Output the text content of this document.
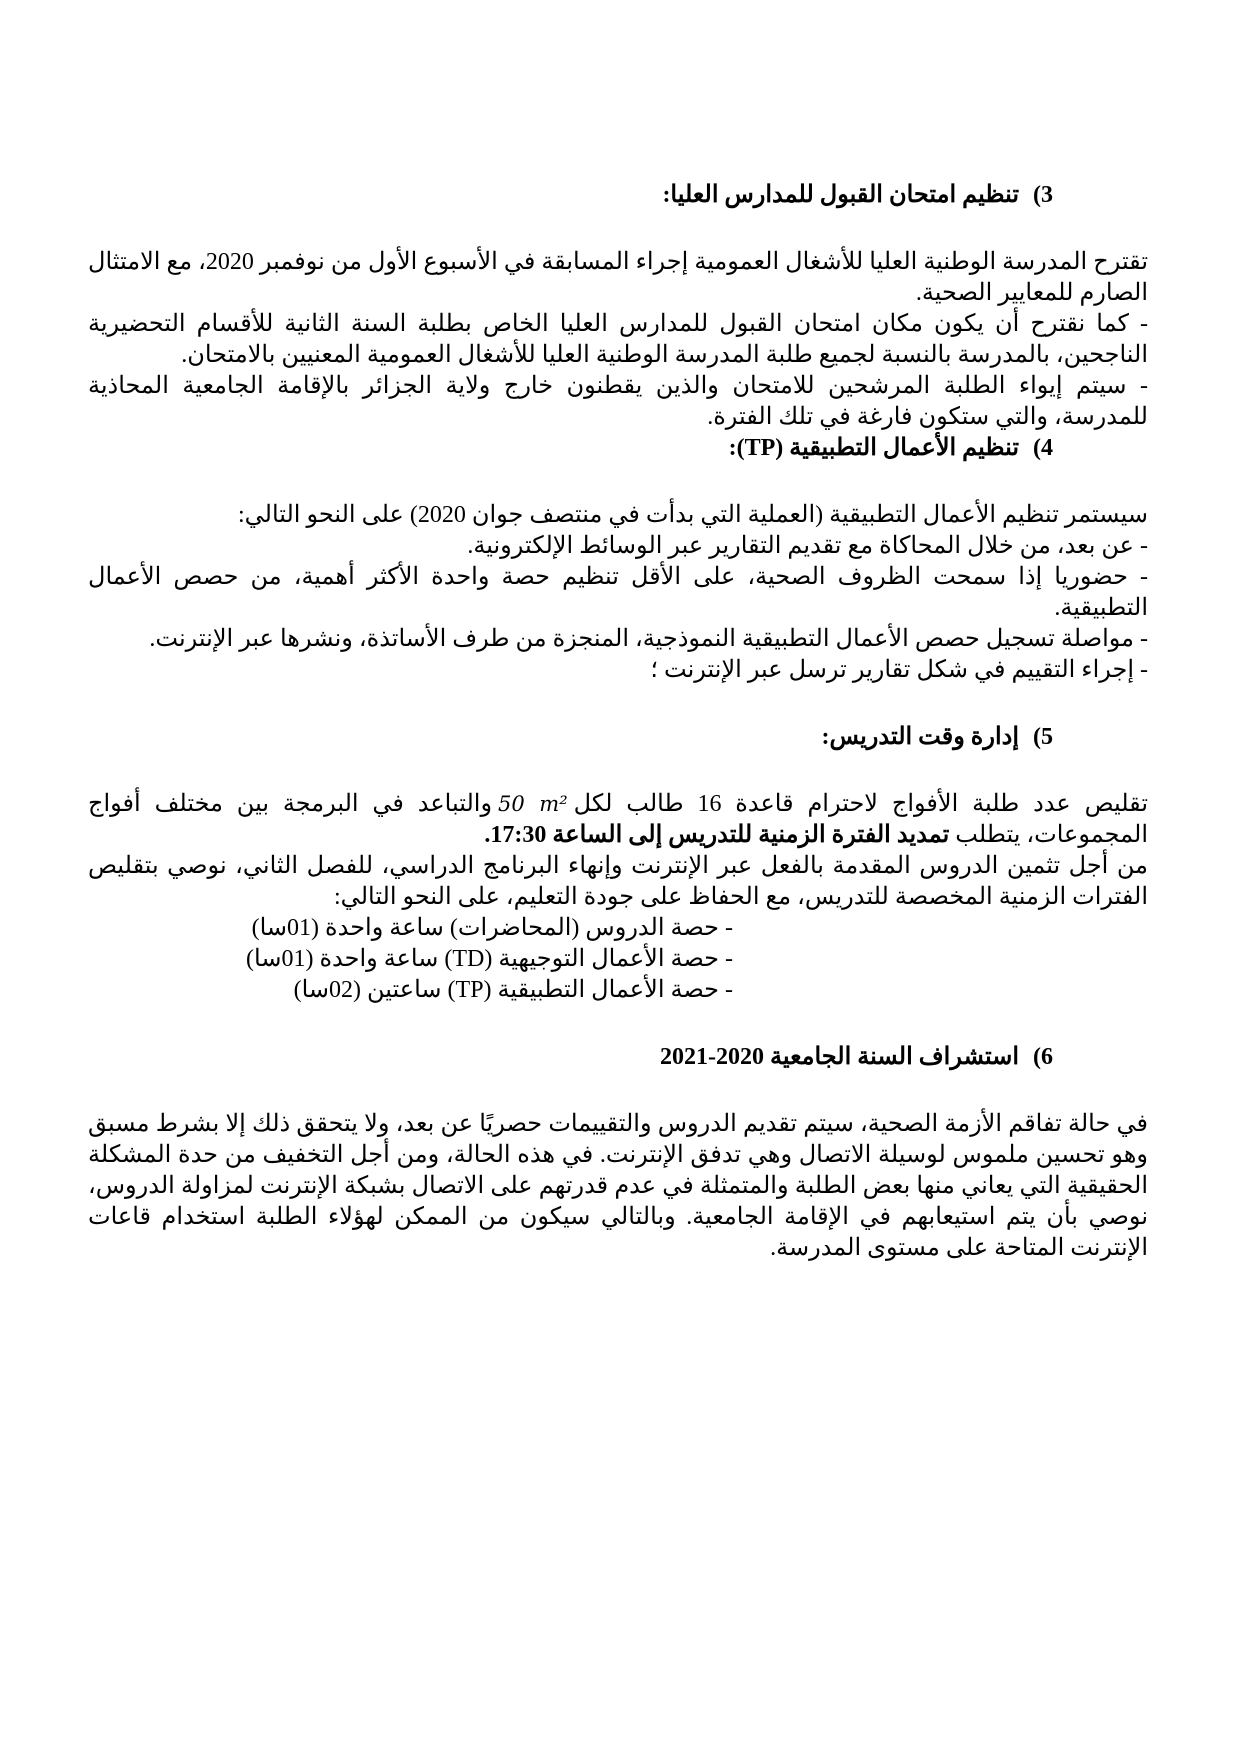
3)تنظيم امتحان القبول للمدارس العليا:

تقترح المدرسة الوطنية العليا للأشغال العمومية إجراء المسابقة في الأسبوع الأول من نوفمبر 2020، مع الامتثال الصارم للمعايير الصحية.

- كما نقترح أن يكون مكان امتحان القبول للمدارس العليا الخاص بطلبة السنة الثانية للأقسام التحضيرية الناجحين، بالمدرسة بالنسبة لجميع طلبة المدرسة الوطنية العليا للأشغال العمومية المعنيين بالامتحان.

- سيتم إيواء الطلبة المرشحين للامتحان والذين يقطنون خارج ولاية الجزائر بالإقامة الجامعية المحاذية للمدرسة، والتي ستكون فارغة في تلك الفترة.

4)تنظيم الأعمال التطبيقية (TP):

سيستمر تنظيم الأعمال التطبيقية (العملية التي بدأت في منتصف جوان 2020) على النحو التالي:

- عن بعد، من خلال المحاكاة مع تقديم التقارير عبر الوسائط الإلكترونية.

- حضوريا إذا سمحت الظروف الصحية، على الأقل تنظيم حصة واحدة الأكثر أهمية، من حصص الأعمال التطبيقية.

- مواصلة تسجيل حصص الأعمال التطبيقية النموذجية، المنجزة من طرف الأساتذة، ونشرها عبر الإنترنت.

- إجراء التقييم في شكل تقارير ترسل عبر الإنترنت ؛

5)إدارة وقت التدريس:

تقليص عدد طلبة الأفواج لاحترام قاعدة 16 طالب لكل50 m²والتباعد في البرمجة بين مختلف أفواج المجموعات، يتطلب تمديد الفترة الزمنية للتدريس إلى الساعة 17:30.

من أجل تثمين الدروس المقدمة بالفعل عبر الإنترنت وإنهاء البرنامج الدراسي، للفصل الثاني، نوصي بتقليص الفترات الزمنية المخصصة للتدريس، مع الحفاظ على جودة التعليم، على النحو التالي:

- حصة الدروس (المحاضرات) ساعة واحدة (01سا)

- حصة الأعمال التوجيهية (TD) ساعة واحدة (01سا)

- حصة الأعمال التطبيقية (TP) ساعتين (02سا)

6)استشراف السنة الجامعية 2020-2021

في حالة تفاقم الأزمة الصحية، سيتم تقديم الدروس والتقييمات حصريًا عن بعد، ولا يتحقق ذلك إلا بشرط مسبق وهو تحسين ملموس لوسيلة الاتصال وهي تدفق الإنترنت. في هذه الحالة، ومن أجل التخفيف من حدة المشكلة الحقيقية التي يعاني منها بعض الطلبة والمتمثلة في عدم قدرتهم على الاتصال بشبكة الإنترنت لمزاولة الدروس، نوصي بأن يتم استيعابهم في الإقامة الجامعية. وبالتالي سيكون من الممكن لهؤلاء الطلبة استخدام قاعات الإنترنت المتاحة على مستوى المدرسة.
